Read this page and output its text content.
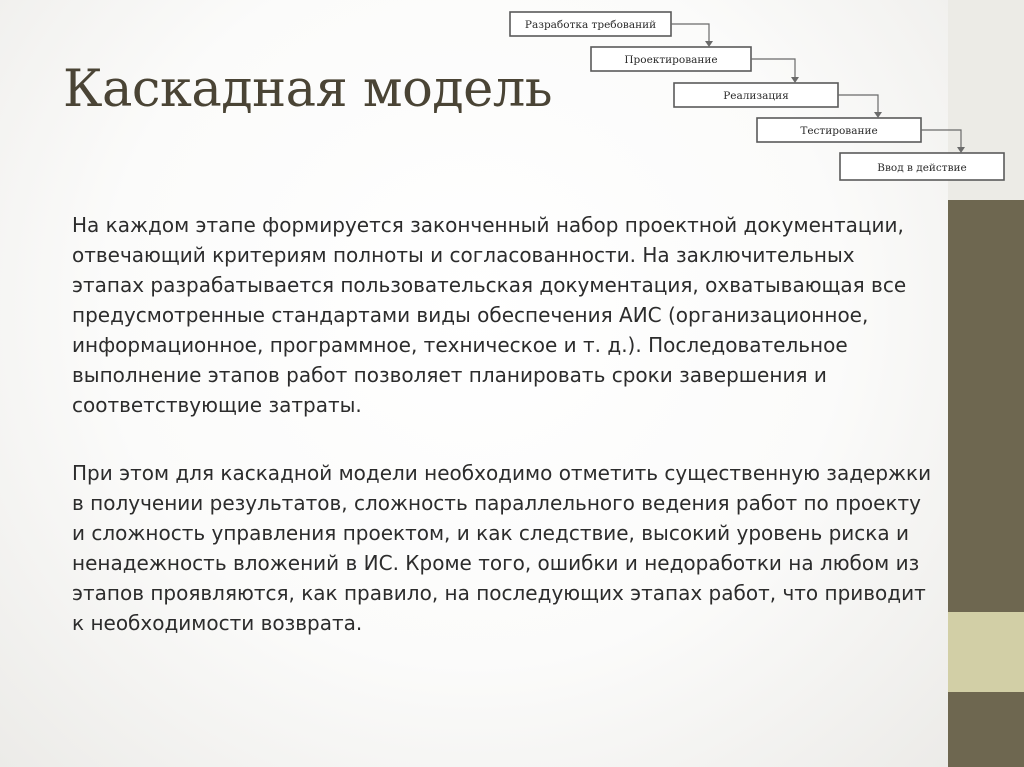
Каскадная модель
Разработка требований
Проектирование
Реализация
Тестирование
Ввод в действие

На каждом этапе формируется законченный набор проектной документации, отвечающий критериям полноты и согласованности. На заключительных этапах разрабатывается пользовательская документация, охватывающая все предусмотренные стандартами виды обеспечения АИС (организационное, информационное, программное, техническое и т. д.). Последовательное выполнение этапов работ позволяет планировать сроки завершения и соответствующие затраты.

При этом для каскадной модели необходимо отметить существенную задержки в получении результатов, сложность параллельного ведения работ по проекту и сложность управления проектом, и как следствие, высокий уровень риска и ненадежность вложений в ИС. Кроме того, ошибки и недоработки на любом из этапов проявляются, как правило, на последующих этапах работ, что приводит к необходимости возврата.
